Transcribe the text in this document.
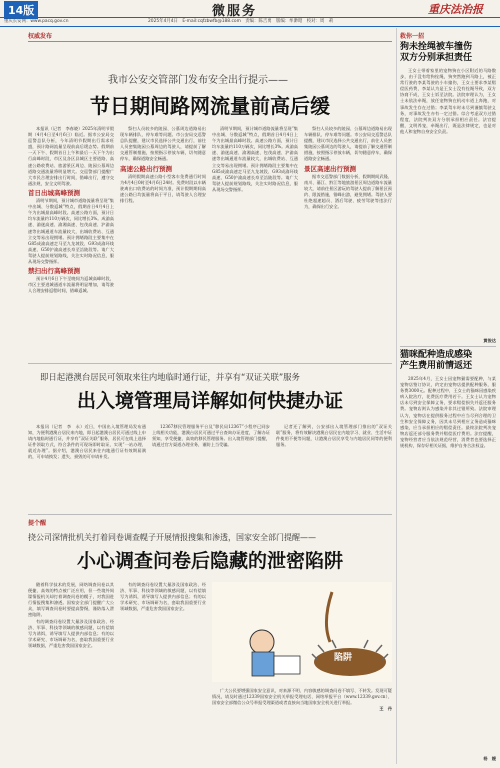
14版	微服务	重庆法治报
重庆长安网：www.pacq.gov.cn	2025年4月4日　E-mail:cqfzbwfb@188.com　责编：陈吉勇　版编：牟渺昭　校对：周　莉
权威发布
我市公安交管部门发布安全出行提示——
节日期间路网流量前高后缓

本报讯（记者　李春晓）2025年清明节假期（4月4日至4月6日）临近。据市公安局交巡警总队分析，今年清明节假期出行需求旺盛，预计路网流量呈现前高后缓态势。假期前一天下午、假期首日上午和最后一天下午为出行高峰时段，市区及各区县城区主要道路、高速公路收费站、旅游景区周边、陵园公墓周边道路交通流量将明显增大。交巡警部门提醒广大市民合理安排出行时间，错峰出行，遵守交通法规，安全文明驾驶。

首日出城高峰预测

清明节期间，预计城市道路流量将呈现“集中出城、分散返城”特点，假期首日4月4日上午为出城最高峰时段。高速公路方面，预计日均车流量约110万辆次，同比增长3%。成渝高速、渝遂高速、渝湘高速、包茂高速、沪渝高速等出城通道车流量较大，出城收费站、互通立交等易出现拥堵。预计拥堵路段主要集中在G85成渝高速走马至九龙坡段、G93成渝环线高速、G50沪渝高速长寿至涪陵段等。请广大驾驶人提前规划路线，关注实时路况信息，服从现场交警指挥。

禁扫出行高峰预测

预计4月6日下午至晚间为返城高峰时段，市区主要进城通道车流量将明显增加，请驾驶人合理安排返程时间，错峰返城。

祭扫人员较多的陵园、公墓周边道路易出现车辆排队、停车难等问题。市公安局交巡警总队提醒，建议市民选择公共交通出行，前往人员密集陵园公墓周边的驾驶人，请提前了解交通管制措施，按照指示停放车辆，切勿随意停车，确保道路安全畅通。

高速公路出行预测

清明假期高速公路小型客车免费通行时间为4月4日0时至4月6日24时。免费时段以车辆驶离出口收费站的时间为准，预计假期期间高速公路日均流量将高于平日，请驾驶人合理安排行程。

清明节期间，预计城市道路流量将呈现“集中出城、分散返城”特点，假期首日4月4日上午为出城最高峰时段。高速公路方面，预计日均车流量约110万辆次，同比增长3%。成渝高速、渝遂高速、渝湘高速、包茂高速、沪渝高速等出城通道车流量较大，出城收费站、互通立交等易出现拥堵。预计拥堵路段主要集中在G85成渝高速走马至九龙坡段、G93成渝环线高速、G50沪渝高速长寿至涪陵段等。请广大驾驶人提前规划路线，关注实时路况信息，服从现场交警指挥。

祭扫人员较多的陵园、公墓周边道路易出现车辆排队、停车难等问题。市公安局交巡警总队提醒，建议市民选择公共交通出行，前往人员密集陵园公墓周边的驾驶人，请提前了解交通管制措施，按照指示停放车辆，切勿随意停车，确保道路安全畅通。

景区高速出行预测

据市交巡警部门数据分析，假期期间武隆、南川、綦江、黔江等地旅游景区周边道路车流量较大，请前往景区游玩的驾驶人提前了解景区预约、限流措施，错峰出游，避免拥堵。驾驶人要杜绝超速超员、酒后驾驶、疲劳驾驶等违法行为，确保出行安全。

即日起港澳台居民可领取来往内地临时通行证，并享有“双证关联”服务
出入境管理局详解如何快捷办证

本报讯（记者　李　永）近日，中国出入境管理局发布通知，为便利港澳台居民来内地，即日起港澳台居民可通过线上申请内地临时通行证，并享有“双证关联”服务，居民可在线上选择证件领取方式，符合条件的可现场即时取证，实现“一站办理、就近办理”。据介绍，港澳台居民来往内地通行证有效期届满的，可申请换发；遗失、损毁的可申请补发。

12367移民管理服务平台及“移民局12367”小程序已同步上线相关功能，港澳台居民可通过平台查询办证进度，了解办证须知，享受便捷、高效的移民管理服务。出入境管理部门提醒，请通过官方渠道办理业务，谨防上当受骗。

记者还了解到，公安部出入境管理部门推出的“双证关联”服务，将有效解决港澳台居民在内地学习、就业、生活中证件使用不便等问题，让港澳台居民享受与内地居民同等的便利服务。

提个醒
挠公司深情批机关打着同卷调查幌子开展情报搜集和渗透，国家安全部门提醒——
小心调查问卷后隐藏的泄密陷阱

随着科学技术的发展，网络调查问卷以其便捷、高效的特点被广泛应用，但一些境外间谍情报机关却打着调查问卷的幌子，对我国进行情报搜集和渗透。国家安全部门提醒广大公众，填写调查问卷时要提高警惕，谨防落入泄密陷阱。

有的调查问卷设置大量涉及国家政治、经济、军事、科技等领域的敏感问题，以有偿填写为诱饵，诱导填写人提供内部信息；有的以学术研究、市场调研为名，套取我国重要行业领域数据，严重危害我国国家安全。

有的调查问卷设置大量涉及国家政治、经济、军事、科技等领域的敏感问题，以有偿填写为诱饵，诱导填写人提供内部信息；有的以学术研究、市场调研为名，套取我国重要行业领域数据，严重危害我国国家安全。

陷阱

广大公民要增强国家安全意识，对来源不明、内容敏感的调查问卷不填写、不转发。发现可疑情况，请及时通过12339国家安全机关举报受理电话、网络举报平台（www.12339.gov.cn）、国家安全部微信公众号举报受理渠道或者直接向当地国家安全机关进行举报。

王　丹
救你一招
狗未拴绳被车撞伤
双方分别承担责任

王女士带着家里的宠物狗在小区附近的马路散步，由于没有给狗拴绳，狗突然跑到马路上，被正常行驶的李某驾驶的小车撞伤，王女士要求李某赔偿医药费，李某认为是王女士没有拴绳导致，双方协商不成，王女士诉至法院。法院审理认为，王女士未依法牵绳，放任宠物狗在机动车道上奔跑，对事故发生存在过错；李某驾车时未尽到谨慎驾驶义务，对事故发生亦有一定过错。综合考虑双方过错程度，法院判决双方分别承担相应责任。法官提醒，文明养宠，牵绳出行，既是法律规定，也是对他人和宠物自身安全负责。

黄俊达
猫咪配种造成感染
产生费用前情返还

2025年4月，王女士因宠物猫需要配种，与某宠物店签订协议，约定由宠物店提供配种服务，服务费3000元。配种过程中，王女士的猫咪因感染疾病入院治疗，花费医疗费用若干。王女士认为宠物店未尽到安全保障义务，要求赔偿损失并返还服务费。宠物店则认为感染并非其过错所致。法院审理认为，宠物店在提供服务过程中应当尽到合理的卫生和安全保障义务，因其未尽到相应义务造成猫咪感染，应当承担相应的赔偿责任。最终法院判决宠物店返还部分服务费并赔偿医疗费用。法官提醒，宠物经营者应当依法规范经营，消费者也要选择正规机构，保存好相关证据，维护自身合法权益。

杨　媛
